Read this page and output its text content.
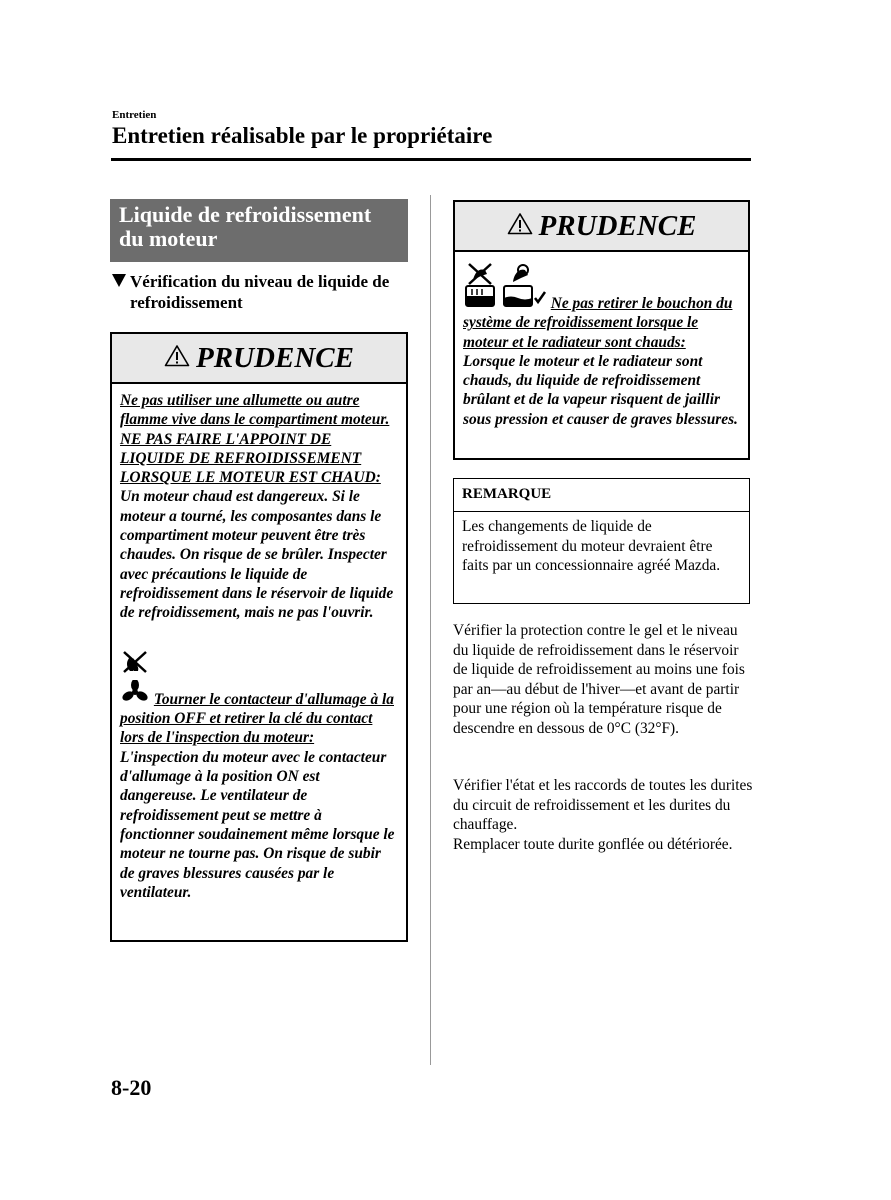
Entretien
Entretien réalisable par le propriétaire
Liquide de refroidissement du moteur
Vérification du niveau de liquide de refroidissement
PRUDENCE
Ne pas utiliser une allumette ou autre flamme vive dans le compartiment moteur. NE PAS FAIRE L'APPOINT DE LIQUIDE DE REFROIDISSEMENT LORSQUE LE MOTEUR EST CHAUD:
Un moteur chaud est dangereux. Si le moteur a tourné, les composantes dans le compartiment moteur peuvent être très chaudes. On risque de se brûler. Inspecter avec précautions le liquide de refroidissement dans le réservoir de liquide de refroidissement, mais ne pas l'ouvrir.
Tourner le contacteur d'allumage à la position OFF et retirer la clé du contact lors de l'inspection du moteur:
L'inspection du moteur avec le contacteur d'allumage à la position ON est dangereuse. Le ventilateur de refroidissement peut se mettre à fonctionner soudainement même lorsque le moteur ne tourne pas. On risque de subir de graves blessures causées par le ventilateur.
PRUDENCE
Ne pas retirer le bouchon du système de refroidissement lorsque le moteur et le radiateur sont chauds:
Lorsque le moteur et le radiateur sont chauds, du liquide de refroidissement brûlant et de la vapeur risquent de jaillir sous pression et causer de graves blessures.
REMARQUE
Les changements de liquide de refroidissement du moteur devraient être faits par un concessionnaire agréé Mazda.

Vérifier la protection contre le gel et le niveau du liquide de refroidissement dans le réservoir de liquide de refroidissement au moins une fois par an—au début de l'hiver—et avant de partir pour une région où la température risque de descendre en dessous de 0°C (32°F).

Vérifier l'état et les raccords de toutes les durites du circuit de refroidissement et les durites du chauffage.
Remplacer toute durite gonflée ou détériorée.
8-20
